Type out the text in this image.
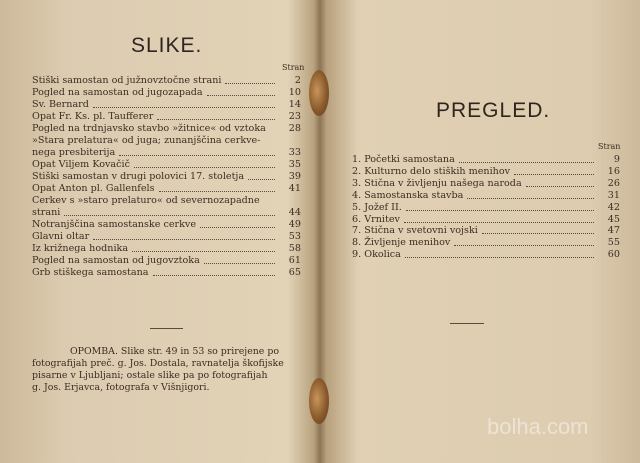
SLIKE.
Stran
Stiški samostan od južnovztočne strani	2
Pogled na samostan od jugozapada	10
Sv. Bernard	14
Opat Fr. Ks. pl. Taufferer	23
Pogled na trdnjavsko stavbo »žitnice« od vztoka	28
»Stara prelatura« od juga; zunanjščina cerkve-
nega presbiterija	33
Opat Viljem Kovačič	35
Stiški samostan v drugi polovici 17. stoletja	39
Opat Anton pl. Gallenfels	41
Cerkev s »staro prelaturo« od severnozapadne
strani	44
Notranjščina samostanske cerkve	49
Glavni oltar	53
Iz križnega hodnika	58
Pogled na samostan od jugovztoka	61
Grb stiškega samostana	65
OPOMBA. Slike str. 49 in 53 so prirejene po
fotografijah preč. g. Jos. Dostala, ravnatelja škofijske
pisarne v Ljubljani; ostale slike pa po fotografijah
g. Jos. Erjavca, fotografa v Višnjigori.
PREGLED.
Stran
1. Početki samostana	9
2. Kulturno delo stiških menihov	16
3. Stična v življenju našega naroda	26
4. Samostanska stavba	31
5. Jožef II.	42
6. Vrnitev	45
7. Stična v svetovni vojski	47
8. Življenje menihov	55
9. Okolica	60
bolha.com
